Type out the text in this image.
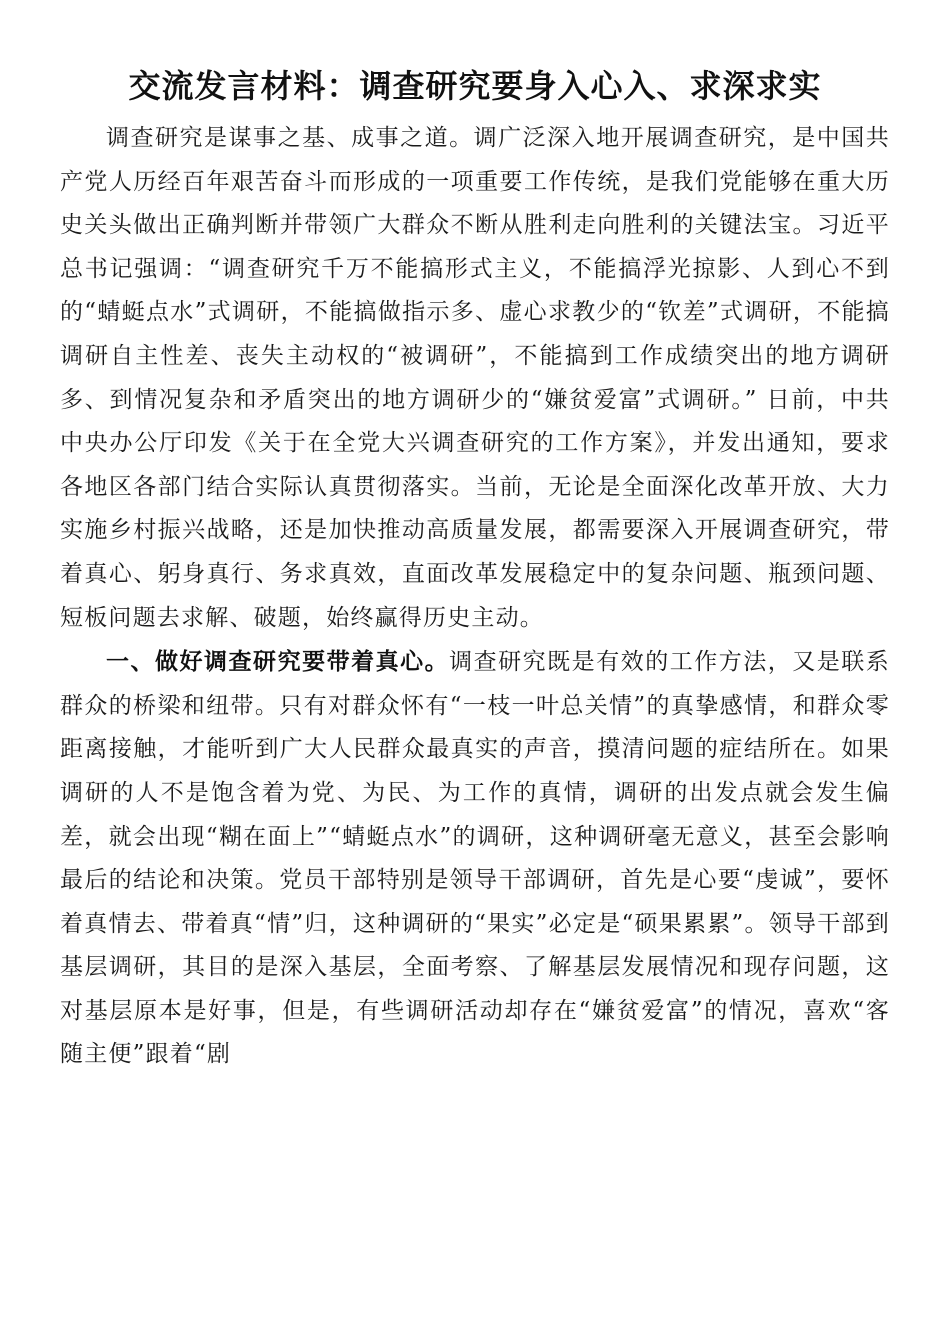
交流发言材料：调查研究要身入心入、求深求实

调查研究是谋事之基、成事之道。调广泛深入地开展调查研究，是中国共产党人历经百年艰苦奋斗而形成的一项重要工作传统，是我们党能够在重大历史关头做出正确判断并带领广大群众不断从胜利走向胜利的关键法宝。习近平总书记强调：“调查研究千万不能搞形式主义，不能搞浮光掠影、人到心不到的“蜻蜓点水”式调研，不能搞做指示多、虚心求教少的“钦差”式调研，不能搞调研自主性差、丧失主动权的“被调研”，不能搞到工作成绩突出的地方调研多、到情况复杂和矛盾突出的地方调研少的“嫌贫爱富”式调研。” 日前，中共中央办公厅印发《关于在全党大兴调查研究的工作方案》，并发出通知，要求各地区各部门结合实际认真贯彻落实。当前，无论是全面深化改革开放、大力实施乡村振兴战略，还是加快推动高质量发展，都需要深入开展调查研究，带着真心、躬身真行、务求真效，直面改革发展稳定中的复杂问题、瓶颈问题、短板问题去求解、破题，始终赢得历史主动。

一、做好调查研究要带着真心。调查研究既是有效的工作方法，又是联系群众的桥梁和纽带。只有对群众怀有“一枝一叶总关情”的真挚感情，和群众零距离接触，才能听到广大人民群众最真实的声音，摸清问题的症结所在。如果调研的人不是饱含着为党、为民、为工作的真情，调研的出发点就会发生偏差，就会出现“糊在面上”“蜻蜓点水”的调研，这种调研毫无意义，甚至会影响最后的结论和决策。党员干部特别是领导干部调研，首先是心要“虔诚”，要怀着真情去、带着真“情”归，这种调研的“果实”必定是“硕果累累”。领导干部到基层调研，其目的是深入基层，全面考察、了解基层发展情况和现存问题，这对基层原本是好事，但是，有些调研活动却存在“嫌贫爱富”的情况，喜欢“客随主便”跟着“剧
